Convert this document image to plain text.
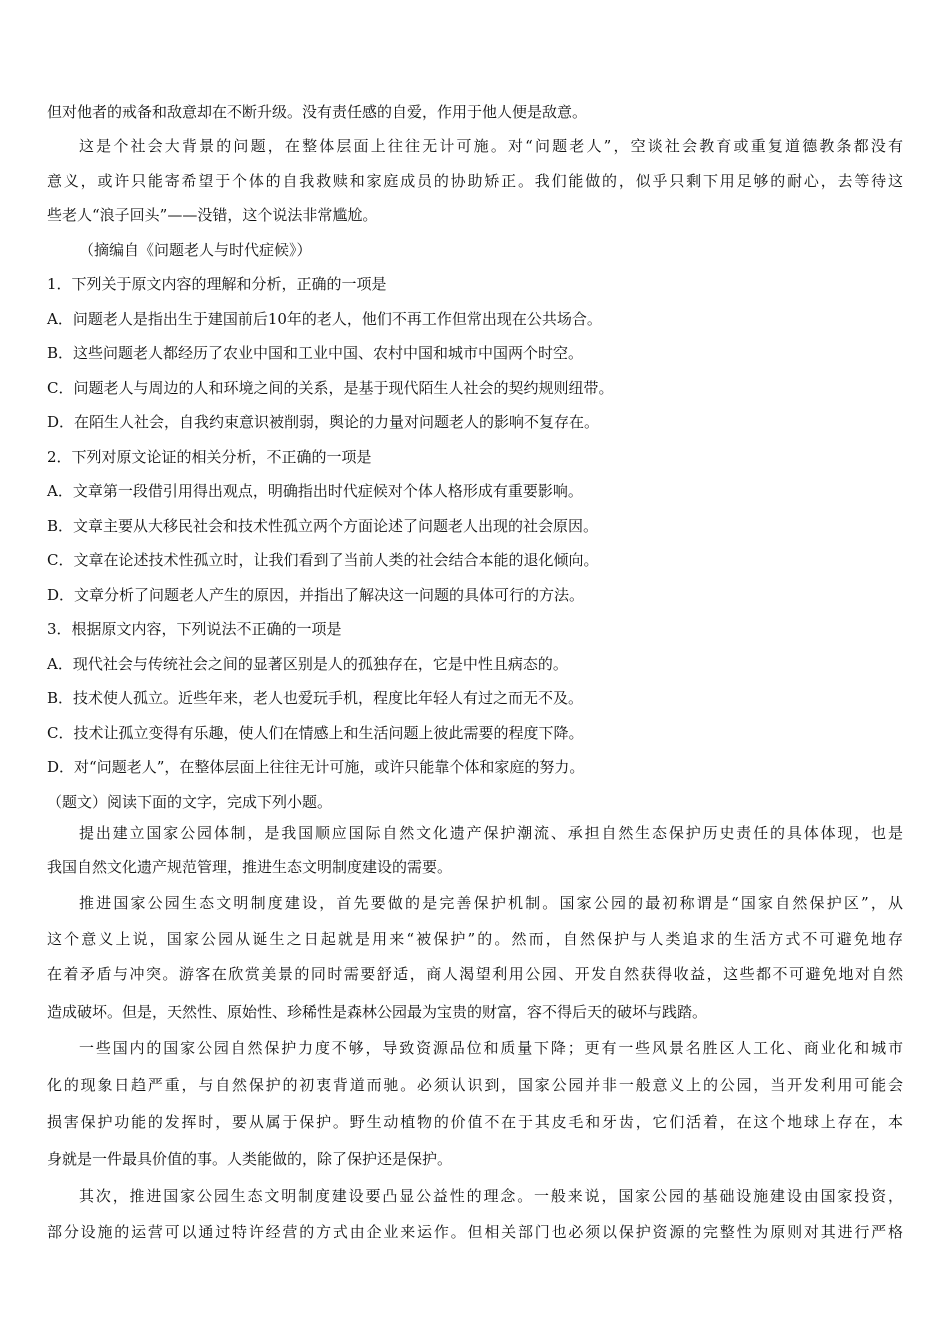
但对他者的戒备和敌意却在不断升级。没有责任感的自爱，作用于他人便是敌意。
这是个社会大背景的问题，在整体层面上往往无计可施。对“问题老人”，空谈社会教育或重复道德教条都没有
意义，或许只能寄希望于个体的自我救赎和家庭成员的协助矫正。我们能做的，似乎只剩下用足够的耐心，去等待这
些老人“浪子回头”——没错，这个说法非常尴尬。
（摘编自《问题老人与时代症候》）
1．下列关于原文内容的理解和分析，正确的一项是
A．问题老人是指出生于建国前后10年的老人，他们不再工作但常出现在公共场合。
B．这些问题老人都经历了农业中国和工业中国、农村中国和城市中国两个时空。
C．问题老人与周边的人和环境之间的关系，是基于现代陌生人社会的契约规则纽带。
D．在陌生人社会，自我约束意识被削弱，舆论的力量对问题老人的影响不复存在。
2．下列对原文论证的相关分析，不正确的一项是
A．文章第一段借引用得出观点，明确指出时代症候对个体人格形成有重要影响。
B．文章主要从大移民社会和技术性孤立两个方面论述了问题老人出现的社会原因。
C．文章在论述技术性孤立时，让我们看到了当前人类的社会结合本能的退化倾向。
D．文章分析了问题老人产生的原因，并指出了解决这一问题的具体可行的方法。
3．根据原文内容，下列说法不正确的一项是
A．现代社会与传统社会之间的显著区别是人的孤独存在，它是中性且病态的。
B．技术使人孤立。近些年来，老人也爱玩手机，程度比年轻人有过之而无不及。
C．技术让孤立变得有乐趣，使人们在情感上和生活问题上彼此需要的程度下降。
D．对“问题老人”，在整体层面上往往无计可施，或许只能靠个体和家庭的努力。
（题文）阅读下面的文字，完成下列小题。
提出建立国家公园体制，是我国顺应国际自然文化遗产保护潮流、承担自然生态保护历史责任的具体体现，也是
我国自然文化遗产规范管理，推进生态文明制度建设的需要。
推进国家公园生态文明制度建设，首先要做的是完善保护机制。国家公园的最初称谓是“国家自然保护区”，从
这个意义上说，国家公园从诞生之日起就是用来“被保护”的。然而，自然保护与人类追求的生活方式不可避免地存
在着矛盾与冲突。游客在欣赏美景的同时需要舒适，商人渴望利用公园、开发自然获得收益，这些都不可避免地对自然
造成破坏。但是，天然性、原始性、珍稀性是森林公园最为宝贵的财富，容不得后天的破坏与践踏。
一些国内的国家公园自然保护力度不够，导致资源品位和质量下降；更有一些风景名胜区人工化、商业化和城市
化的现象日趋严重，与自然保护的初衷背道而驰。必须认识到，国家公园并非一般意义上的公园，当开发利用可能会
损害保护功能的发挥时，要从属于保护。野生动植物的价值不在于其皮毛和牙齿，它们活着，在这个地球上存在，本
身就是一件最具价值的事。人类能做的，除了保护还是保护。
其次，推进国家公园生态文明制度建设要凸显公益性的理念。一般来说，国家公园的基础设施建设由国家投资，
部分设施的运营可以通过特许经营的方式由企业来运作。但相关部门也必须以保护资源的完整性为原则对其进行严格
